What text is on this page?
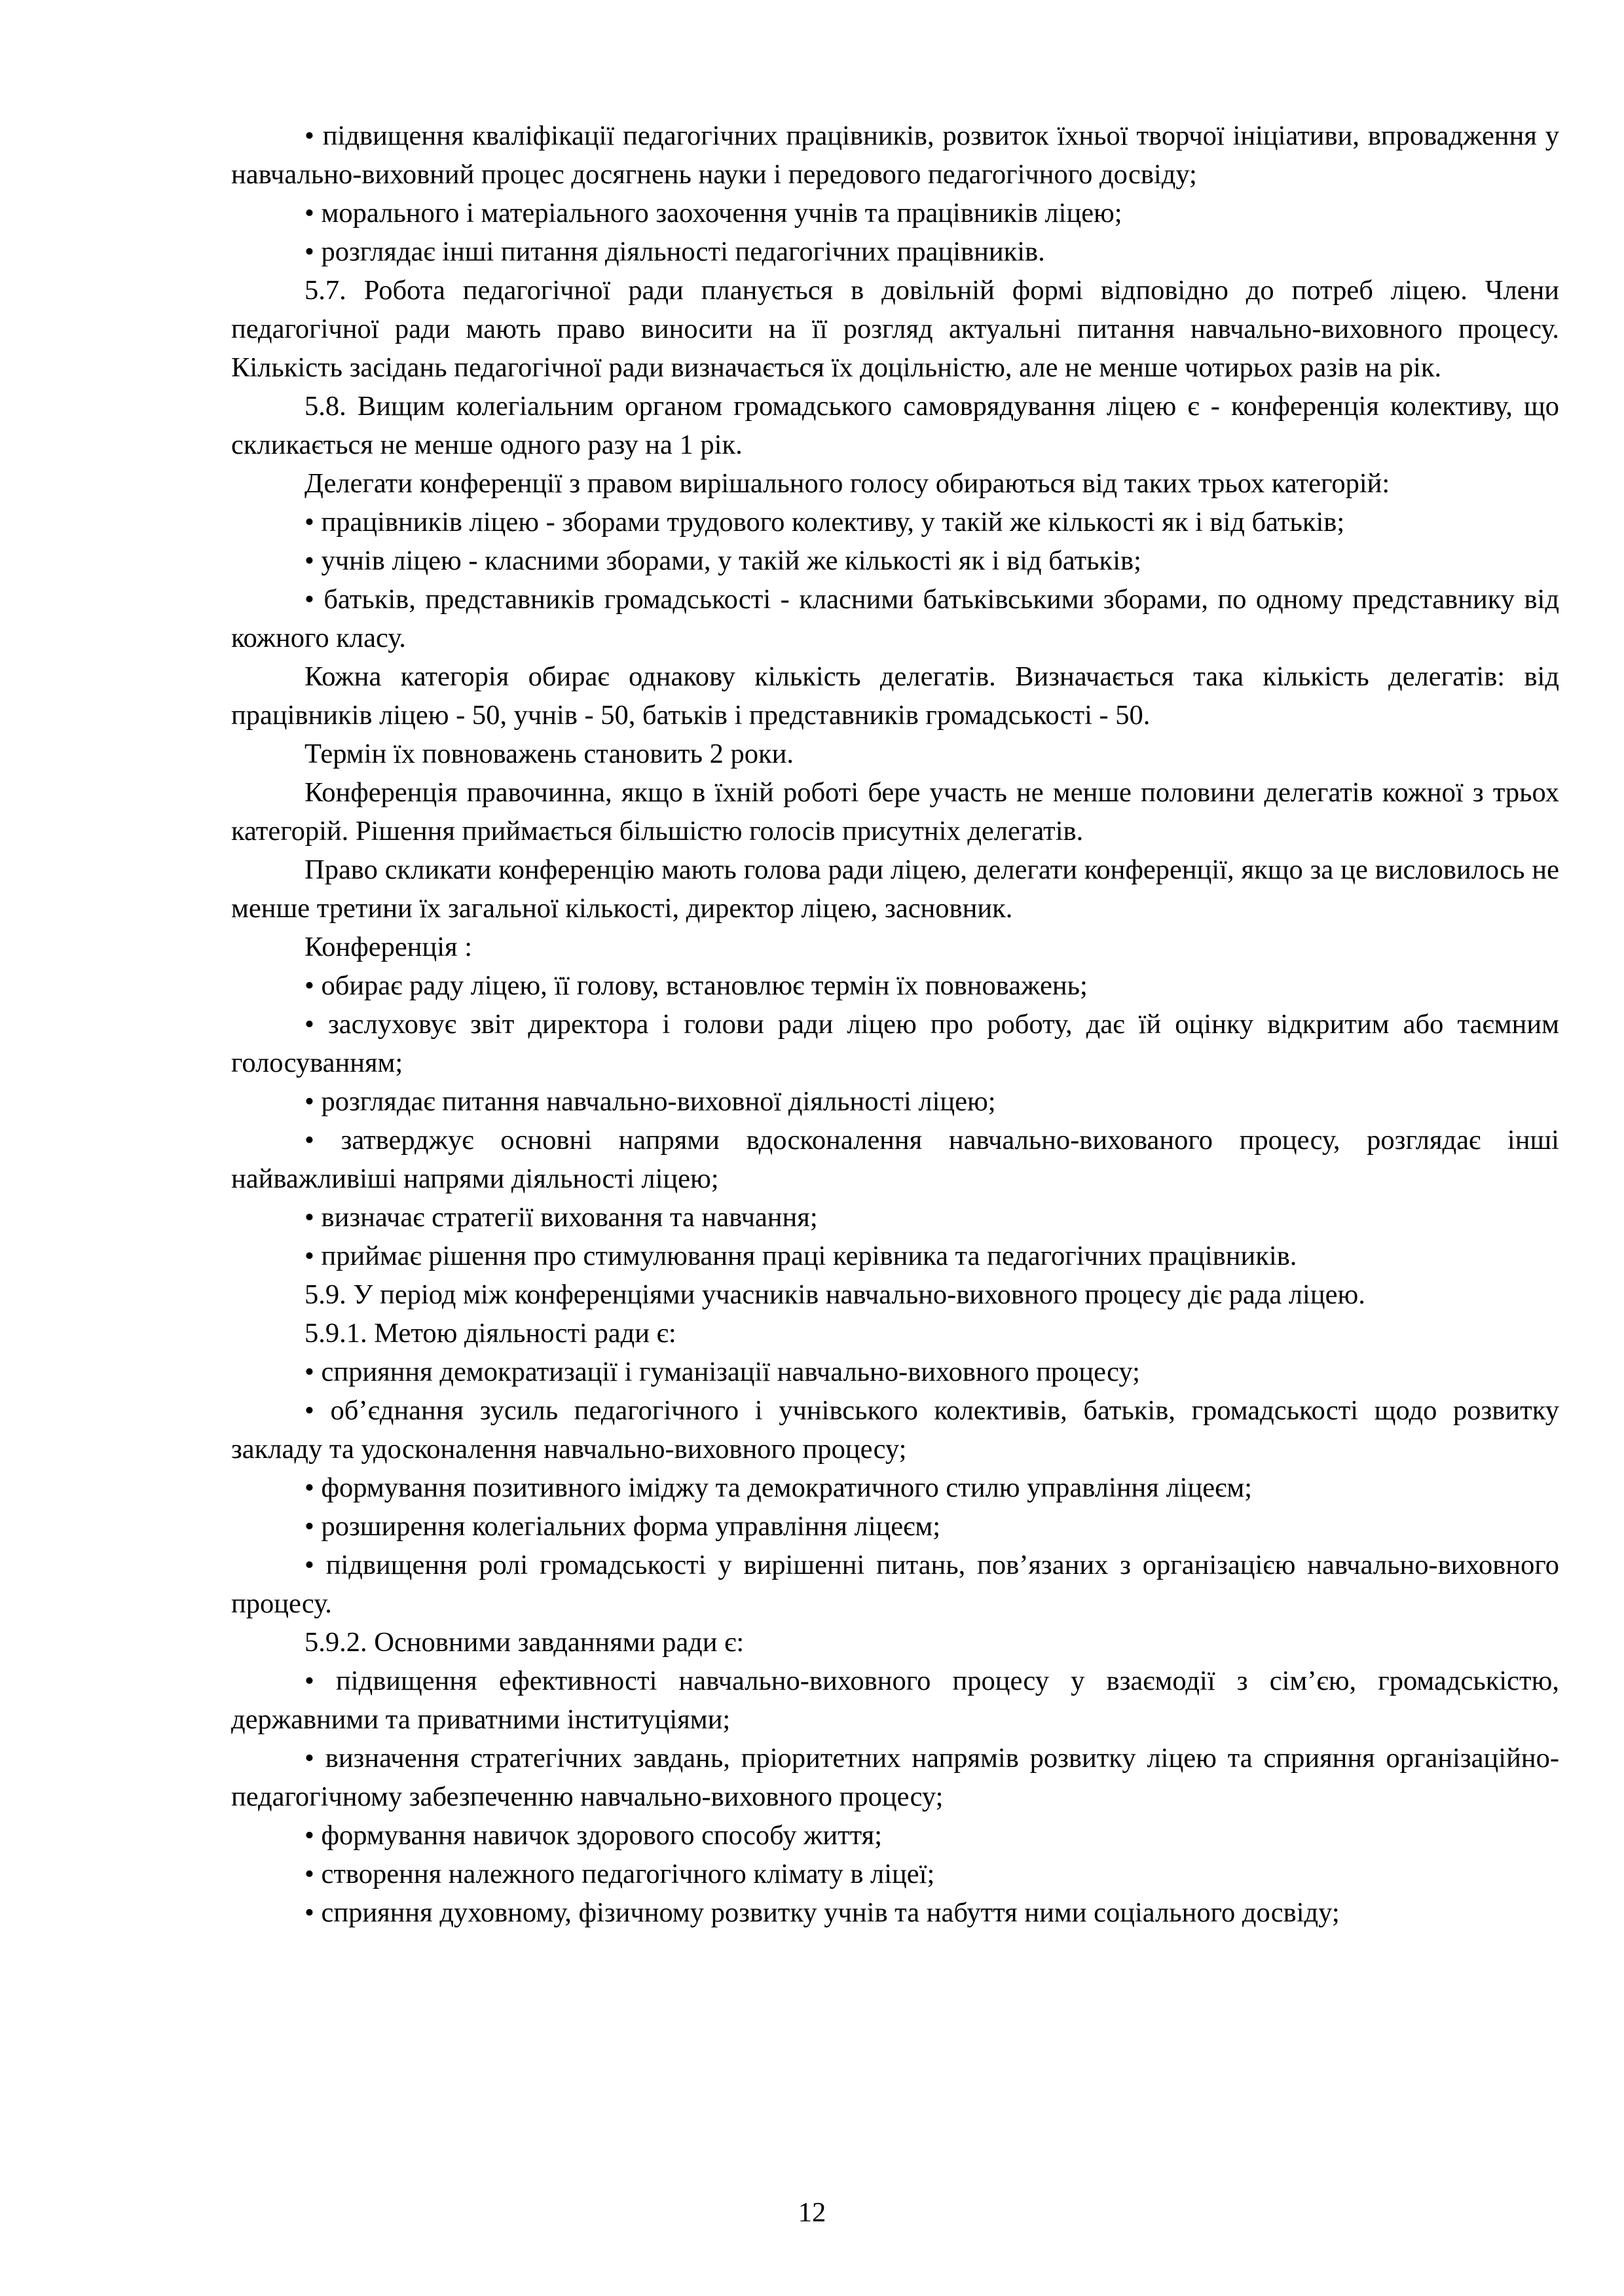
• підвищення кваліфікації педагогічних працівників, розвиток їхньої творчої ініціативи, впровадження у навчально-виховний процес досягнень науки і передового педагогічного досвіду;

• морального і матеріального заохочення учнів та працівників ліцею;

• розглядає інші питання діяльності педагогічних працівників.

5.7. Робота педагогічної ради планується в довільній формі відповідно до потреб ліцею. Члени педагогічної ради мають право виносити на її розгляд актуальні питання навчально-виховного процесу. Кількість засідань педагогічної ради визначається їх доцільністю, але не менше чотирьох разів на рік.

5.8. Вищим колегіальним органом громадського самоврядування ліцею є - конференція колективу, що скликається не менше одного разу на 1 рік.

Делегати конференції з правом вирішального голосу обираються від таких трьох категорій:

• працівників ліцею - зборами трудового колективу, у такій же кількості як і від батьків;

• учнів ліцею - класними зборами, у такій же кількості як і від батьків;

• батьків, представників громадськості - класними батьківськими зборами, по одному представнику від кожного класу.

Кожна категорія обирає однакову кількість делегатів. Визначається така кількість делегатів: від працівників ліцею - 50, учнів - 50, батьків і представників громадськості - 50.

Термін їх повноважень становить 2 роки.

Конференція правочинна, якщо в їхній роботі бере участь не менше половини делегатів кожної з трьох категорій. Рішення приймається більшістю голосів присутніх делегатів.

Право скликати конференцію мають голова ради ліцею, делегати конференції, якщо за це висловилось не менше третини їх загальної кількості, директор ліцею, засновник.

Конференція :

• обирає раду ліцею, її голову, встановлює термін їх повноважень;

• заслуховує звіт директора і голови ради ліцею про роботу, дає їй оцінку відкритим або таємним голосуванням;

• розглядає питання навчально-виховної діяльності ліцею;

• затверджує основні напрями вдосконалення навчально-вихованого процесу, розглядає інші найважливіші напрями діяльності ліцею;

• визначає стратегії виховання та навчання;

• приймає рішення про стимулювання праці керівника та педагогічних працівників.

5.9. У період між конференціями учасників навчально-виховного процесу діє рада ліцею.

5.9.1. Метою діяльності ради є:

• сприяння демократизації і гуманізації навчально-виховного процесу;

• об’єднання зусиль педагогічного і учнівського колективів, батьків, громадськості щодо розвитку закладу та удосконалення навчально-виховного процесу;

• формування позитивного іміджу та демократичного стилю управління ліцеєм;

• розширення колегіальних форма управління ліцеєм;

• підвищення ролі громадськості у вирішенні питань, пов’язаних з організацією навчально-виховного процесу.

5.9.2. Основними завданнями ради є:

• підвищення ефективності навчально-виховного процесу у взаємодії з сім’єю, громадськістю, державними та приватними інституціями;

• визначення стратегічних завдань, пріоритетних напрямів розвитку ліцею та сприяння організаційно-педагогічному забезпеченню навчально-виховного процесу;

• формування навичок здорового способу життя;

• створення належного педагогічного клімату в ліцеї;

• сприяння духовному, фізичному розвитку учнів та набуття ними соціального досвіду;

12
